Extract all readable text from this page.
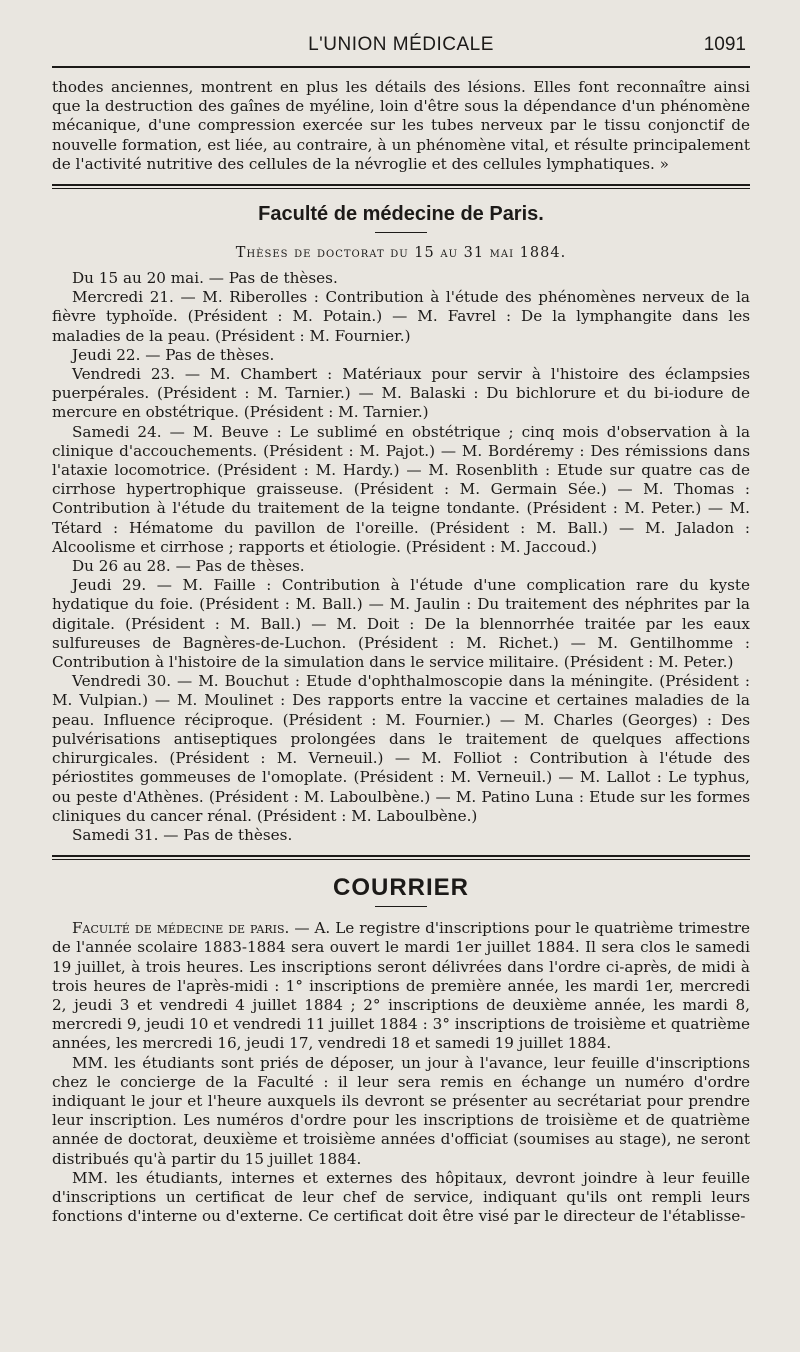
L'UNION MÉDICALE	1091

thodes anciennes, montrent en plus les détails des lésions. Elles font reconnaître ainsi que la destruction des gaînes de myéline, loin d'être sous la dépendance d'un phénomène mécanique, d'une compression exercée sur les tubes nerveux par le tissu conjonctif de nouvelle formation, est liée, au contraire, à un phénomène vital, et résulte principalement de l'activité nutritive des cellules de la névroglie et des cellules lymphatiques. »

Faculté de médecine de Paris.
Thèses de doctorat du 15 au 31 mai 1884.

Du 15 au 20 mai. — Pas de thèses.

Mercredi 21. — M. Riberolles : Contribution à l'étude des phénomènes nerveux de la fièvre typhoïde. (Président : M. Potain.) — M. Favrel : De la lymphangite dans les maladies de la peau. (Président : M. Fournier.)

Jeudi 22. — Pas de thèses.

Vendredi 23. — M. Chambert : Matériaux pour servir à l'histoire des éclampsies puerpérales. (Président : M. Tarnier.) — M. Balaski : Du bichlorure et du bi-iodure de mercure en obstétrique. (Président : M. Tarnier.)

Samedi 24. — M. Beuve : Le sublimé en obstétrique ; cinq mois d'observation à la clinique d'accouchements. (Président : M. Pajot.) — M. Bordéremy : Des rémissions dans l'ataxie locomotrice. (Président : M. Hardy.) — M. Rosenblith : Etude sur quatre cas de cirrhose hypertrophique graisseuse. (Président : M. Germain Sée.) — M. Thomas : Contribution à l'étude du traitement de la teigne tondante. (Président : M. Peter.) — M. Tétard : Hématome du pavillon de l'oreille. (Président : M. Ball.) — M. Jaladon : Alcoolisme et cirrhose ; rapports et étiologie. (Président : M. Jaccoud.)

Du 26 au 28. — Pas de thèses.

Jeudi 29. — M. Faille : Contribution à l'étude d'une complication rare du kyste hydatique du foie. (Président : M. Ball.) — M. Jaulin : Du traitement des néphrites par la digitale. (Président : M. Ball.) — M. Doit : De la blennorrhée traitée par les eaux sulfureuses de Bagnères-de-Luchon. (Président : M. Richet.) — M. Gentilhomme : Contribution à l'histoire de la simulation dans le service militaire. (Président : M. Peter.)

Vendredi 30. — M. Bouchut : Etude d'ophthalmoscopie dans la méningite. (Président : M. Vulpian.) — M. Moulinet : Des rapports entre la vaccine et certaines maladies de la peau. Influence réciproque. (Président : M. Fournier.) — M. Charles (Georges) : Des pulvérisations antiseptiques prolongées dans le traitement de quelques affections chirurgicales. (Président : M. Verneuil.) — M. Folliot : Contribution à l'étude des périostites gommeuses de l'omoplate. (Président : M. Verneuil.) — M. Lallot : Le typhus, ou peste d'Athènes. (Président : M. Laboulbène.) — M. Patino Luna : Etude sur les formes cliniques du cancer rénal. (Président : M. Laboulbène.)

Samedi 31. — Pas de thèses.

COURRIER

Faculté de médecine de paris. — A. Le registre d'inscriptions pour le quatrième trimestre de l'année scolaire 1883-1884 sera ouvert le mardi 1er juillet 1884. Il sera clos le samedi 19 juillet, à trois heures. Les inscriptions seront délivrées dans l'ordre ci-après, de midi à trois heures de l'après-midi : 1° inscriptions de première année, les mardi 1er, mercredi 2, jeudi 3 et vendredi 4 juillet 1884 ; 2° inscriptions de deuxième année, les mardi 8, mercredi 9, jeudi 10 et vendredi 11 juillet 1884 : 3° inscriptions de troisième et quatrième années, les mercredi 16, jeudi 17, vendredi 18 et samedi 19 juillet 1884.

MM. les étudiants sont priés de déposer, un jour à l'avance, leur feuille d'inscriptions chez le concierge de la Faculté : il leur sera remis en échange un numéro d'ordre indiquant le jour et l'heure auxquels ils devront se présenter au secrétariat pour prendre leur inscription. Les numéros d'ordre pour les inscriptions de troisième et de quatrième année de doctorat, deuxième et troisième années d'officiat (soumises au stage), ne seront distribués qu'à partir du 15 juillet 1884.

MM. les étudiants, internes et externes des hôpitaux, devront joindre à leur feuille d'inscriptions un certificat de leur chef de service, indiquant qu'ils ont rempli leurs fonctions d'interne ou d'externe. Ce certificat doit être visé par le directeur de l'établisse-
